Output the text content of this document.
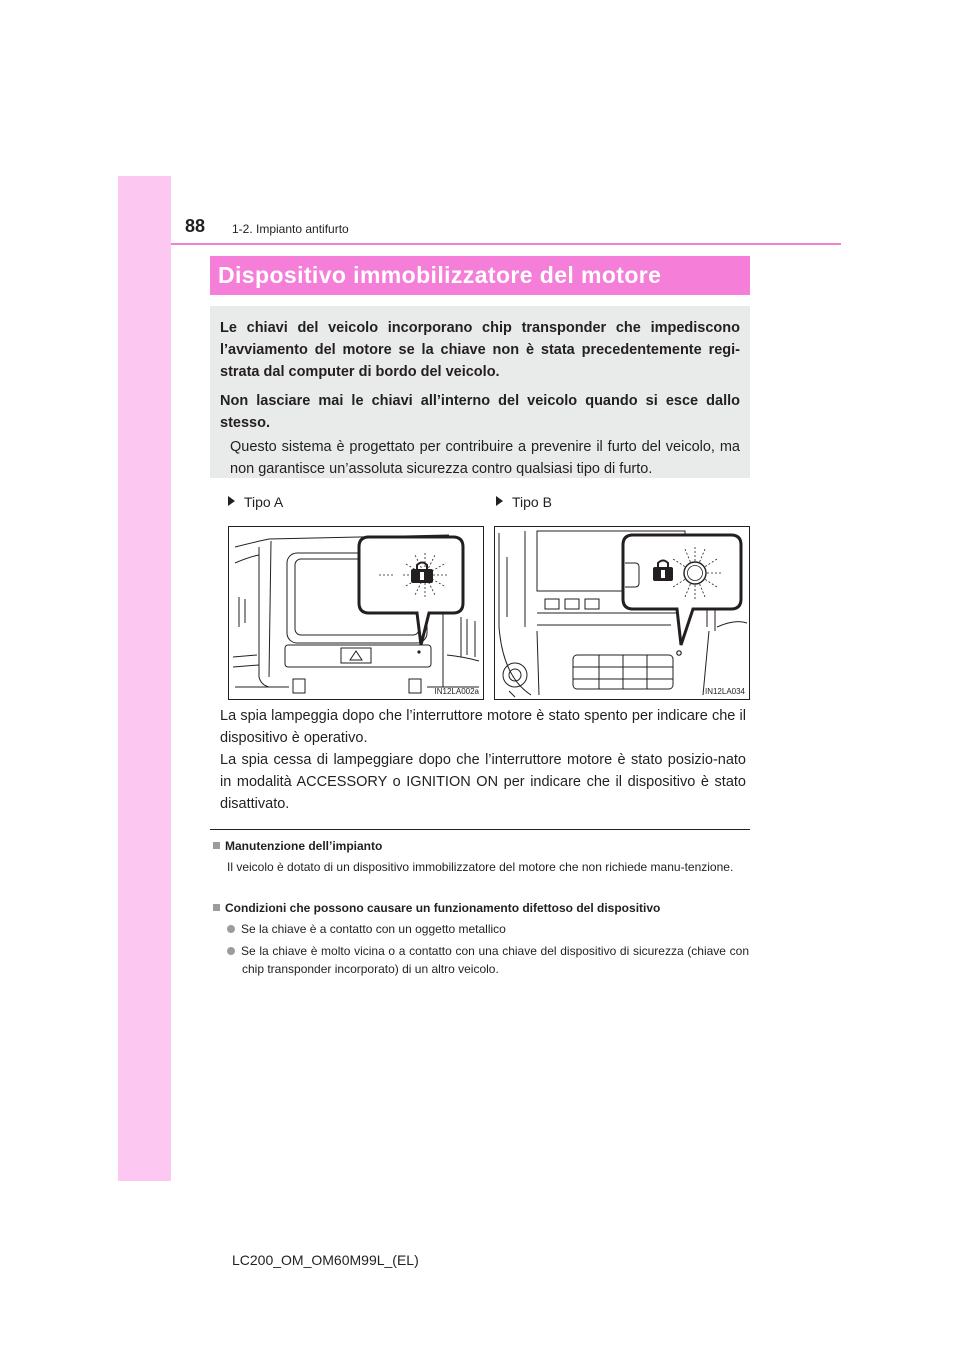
88 1-2. Impianto antifurto
Dispositivo immobilizzatore del motore

Le chiavi del veicolo incorporano chip transponder che impediscono l’avviamento del motore se la chiave non è stata precedentemente regi-strata dal computer di bordo del veicolo.

Non lasciare mai le chiavi all’interno del veicolo quando si esce dallo stesso.

Questo sistema è progettato per contribuire a prevenire il furto del veicolo, ma non garantisce un’assoluta sicurezza contro qualsiasi tipo di furto.

Tipo A	Tipo B
IN12LA002a	IN12LA034

La spia lampeggia dopo che l’interruttore motore è stato spento per indicare che il dispositivo è operativo.

La spia cessa di lampeggiare dopo che l’interruttore motore è stato posizio-nato in modalità ACCESSORY o IGNITION ON per indicare che il dispositivo è stato disattivato.

Manutenzione dell’impianto

Il veicolo è dotato di un dispositivo immobilizzatore del motore che non richiede manu-tenzione.

Condizioni che possono causare un funzionamento difettoso del dispositivo
Se la chiave è a contatto con un oggetto metallico
Se la chiave è molto vicina o a contatto con una chiave del dispositivo di sicurezza (chiave con chip transponder incorporato) di un altro veicolo.
LC200_OM_OM60M99L_(EL)
